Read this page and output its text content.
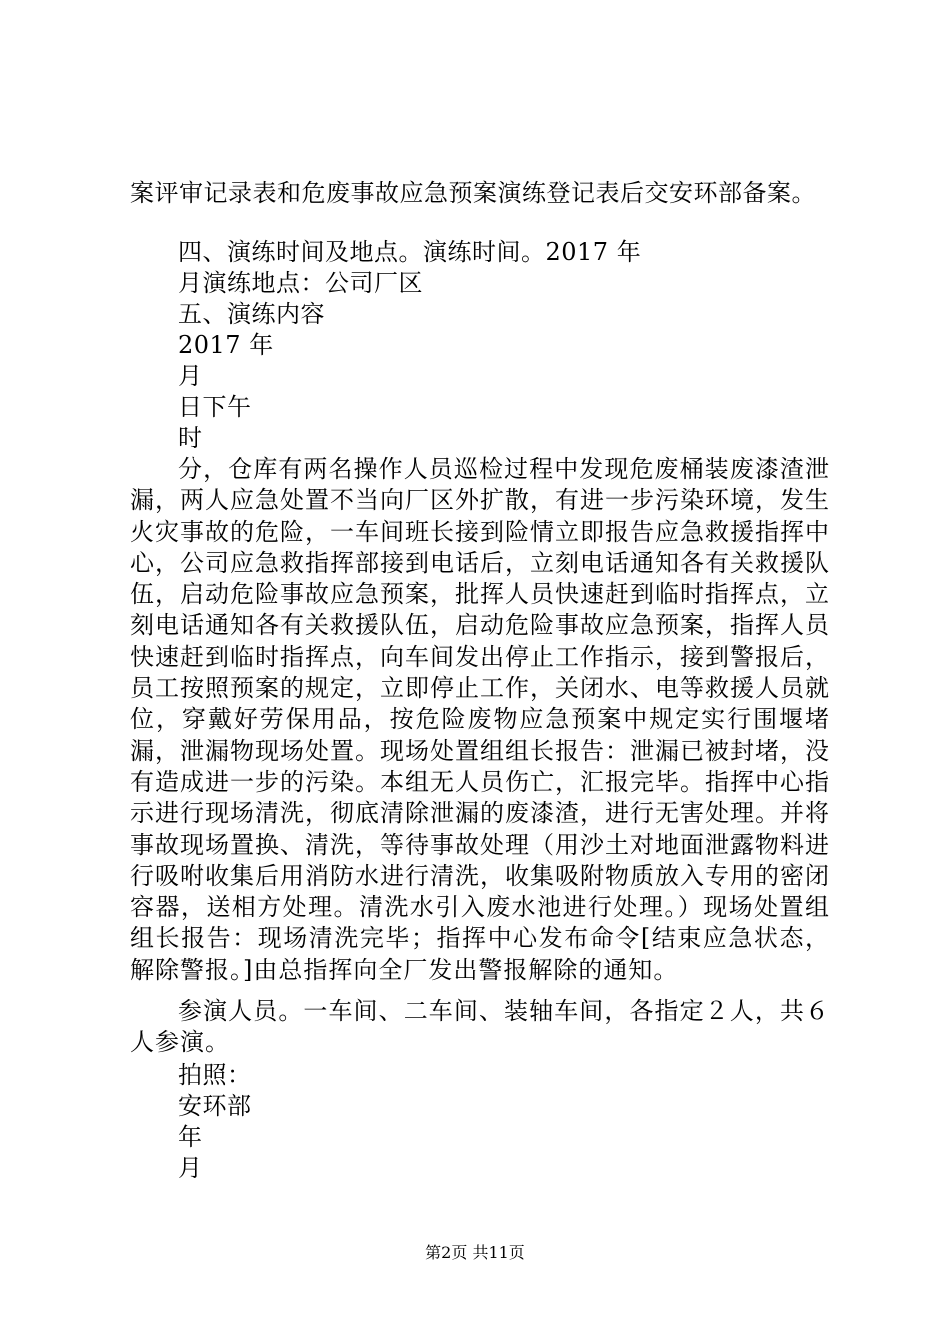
案评审记录表和危废事故应急预案演练登记表后交安环部备案。
四、演练时间及地点。演练时间。2017 年
月演练地点：公司厂区
五、演练内容
2017 年
月
日下午
时
分，仓库有两名操作人员巡检过程中发现危废桶装废漆渣泄漏，两人应急处置不当向厂区外扩散，有进一步污染环境，发生火灾事故的危险，一车间班长接到险情立即报告应急救援指挥中心，公司应急救指挥部接到电话后，立刻电话通知各有关救援队伍，启动危险事故应急预案，批挥人员快速赶到临时指挥点，立刻电话通知各有关救援队伍，启动危险事故应急预案，指挥人员快速赶到临时指挥点，向车间发出停止工作指示，接到警报后，员工按照预案的规定，立即停止工作，关闭水、电等救援人员就位，穿戴好劳保用品，按危险废物应急预案中规定实行围堰堵漏，泄漏物现场处置。现场处置组组长报告：泄漏已被封堵，没有造成进一步的污染。本组无人员伤亡，汇报完毕。指挥中心指示进行现场清洗，彻底清除泄漏的废漆渣，进行无害处理。并将事故现场置换、清洗，等待事故处理（用沙土对地面泄露物料进行吸咐收集后用消防水进行清洗，收集吸附物质放入专用的密闭容器，送相方处理。清洗水引入废水池进行处理。）现场处置组组长报告：现场清洗完毕；指挥中心发布命令[结束应急状态，解除警报。]由总指挥向全厂发出警报解除的通知。
参演人员。一车间、二车间、装轴车间，各指定２人，共６人参演。
拍照：
安环部
年
月
第2页 共11页
